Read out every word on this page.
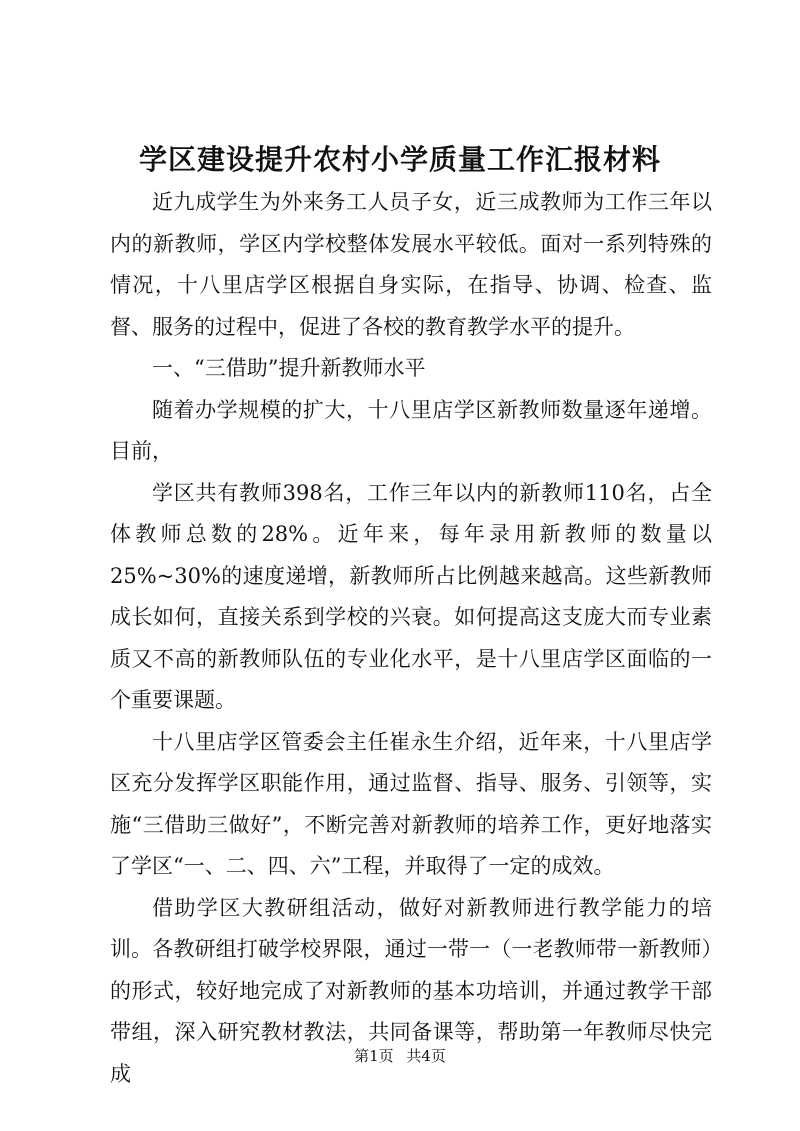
学区建设提升农村小学质量工作汇报材料

近九成学生为外来务工人员子女，近三成教师为工作三年以内的新教师，学区内学校整体发展水平较低。面对一系列特殊的情况，十八里店学区根据自身实际，在指导、协调、检查、监督、服务的过程中，促进了各校的教育教学水平的提升。

一、“三借助”提升新教师水平

随着办学规模的扩大，十八里店学区新教师数量逐年递增。目前，

学区共有教师398名，工作三年以内的新教师110名，占全体教师总数的28%。近年来，每年录用新教师的数量以25%~30%的速度递增，新教师所占比例越来越高。这些新教师成长如何，直接关系到学校的兴衰。如何提高这支庞大而专业素质又不高的新教师队伍的专业化水平，是十八里店学区面临的一个重要课题。

十八里店学区管委会主任崔永生介绍，近年来，十八里店学区充分发挥学区职能作用，通过监督、指导、服务、引领等，实施“三借助三做好”，不断完善对新教师的培养工作，更好地落实了学区“一、二、四、六”工程，并取得了一定的成效。

借助学区大教研组活动，做好对新教师进行教学能力的培训。各教研组打破学校界限，通过一带一（一老教师带一新教师）的形式，较好地完成了对新教师的基本功培训，并通过教学干部带组，深入研究教材教法，共同备课等，帮助第一年教师尽快完成

第1页 共4页
